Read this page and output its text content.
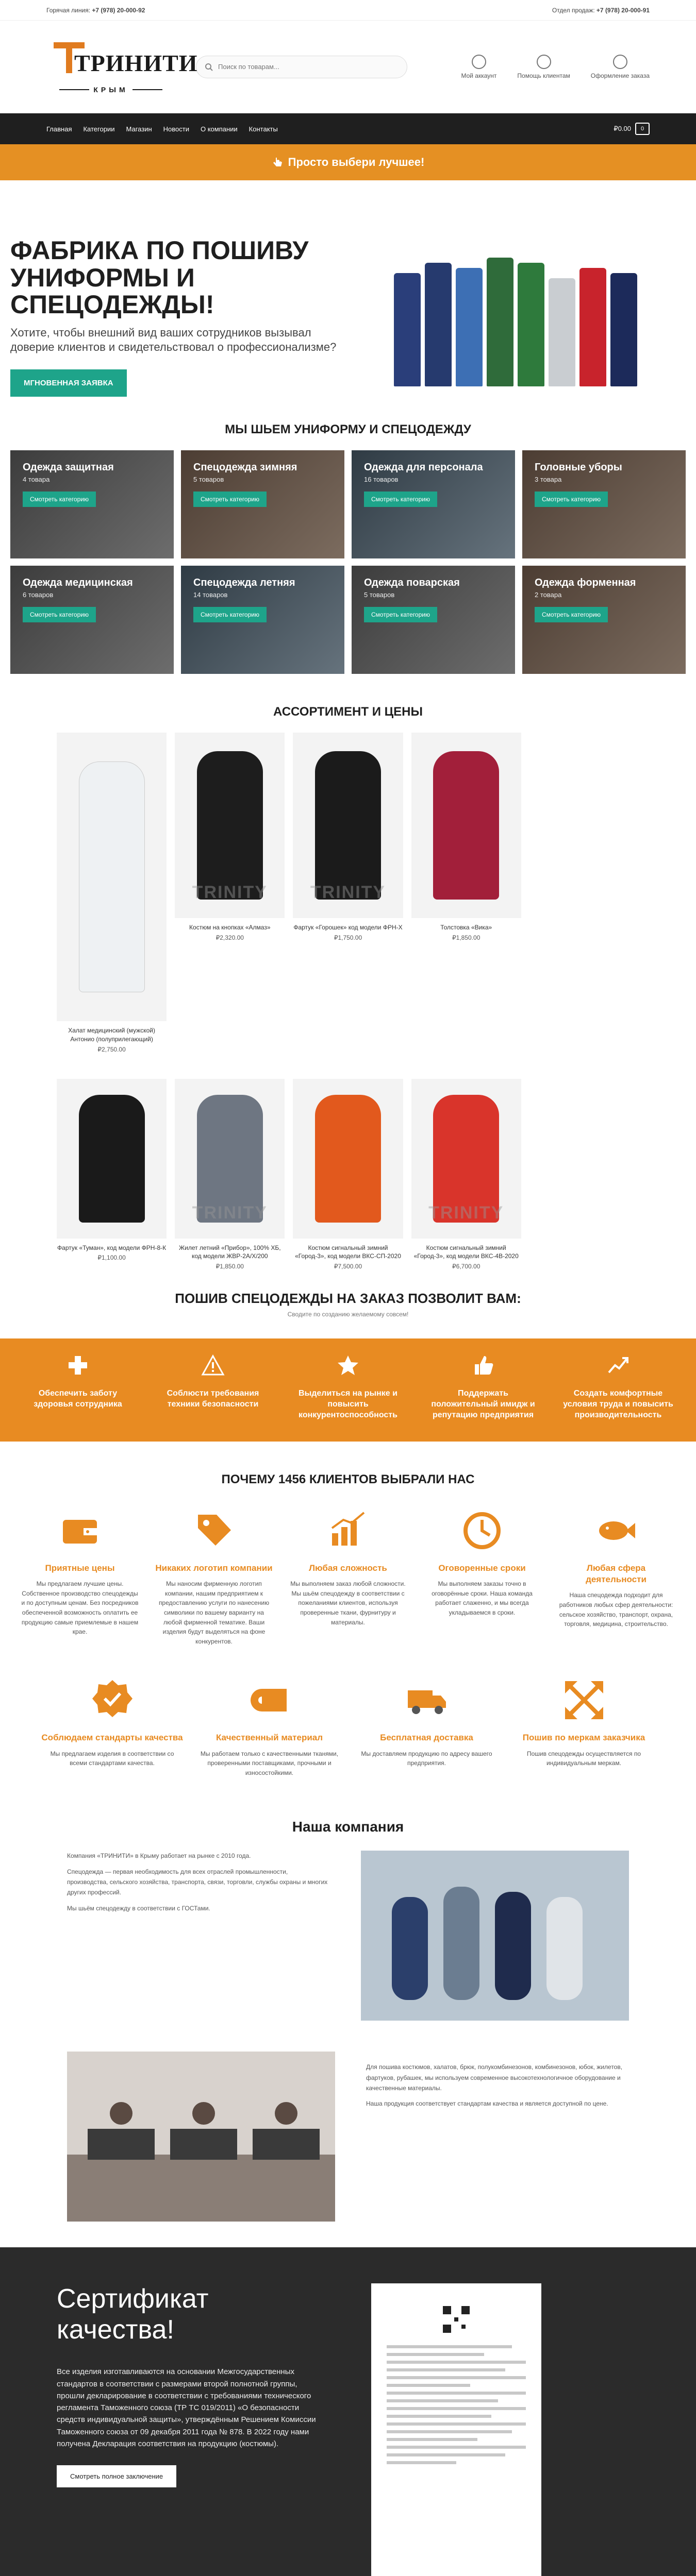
Горячая линия: +7 (978) 20-000-92	Отдел продаж: +7 (978) 20-000-91
ТРИНИТИ
КРЫМ
Поиск по товарам...
Мой аккаунт	Помощь клиентам	Оформление заказа
Главная Категории Магазин Новости О компании Контакты	₽0.00 0
Просто выбери лучшее!
ФАБРИКА ПО ПОШИВУ УНИФОРМЫ И СПЕЦОДЕЖДЫ!

Хотите, чтобы внешний вид ваших сотрудников вызывал доверие клиентов и свидетельствовал о профессионализме?

МГНОВЕННАЯ ЗАЯВКА
МЫ ШЬЕМ УНИФОРМУ И СПЕЦОДЕЖДУ
Одежда защитная
4 товара
Смотреть категорию
Спецодежда зимняя
5 товаров
Смотреть категорию
Одежда для персонала
16 товаров
Смотреть категорию
Головные уборы
3 товара
Смотреть категорию
Одежда медицинская
6 товаров
Смотреть категорию
Спецодежда летняя
14 товаров
Смотреть категорию
Одежда поварская
5 товаров
Смотреть категорию
Одежда форменная
2 товара
Смотреть категорию
АССОРТИМЕНТ И ЦЕНЫ
Халат медицинский (мужской) Антонио (полуприлегающий)
₽2,750.00
TRINITY
Костюм на кнопках «Алмаз»
₽2,320.00
TRINITY
Фартук «Горошек» код модели ФРН-Х
₽1,750.00
Толстовка «Вика»
₽1,850.00
Фартук «Туман», код модели ФРН-8-К
₽1,100.00
TRINITY
Жилет летний «Прибор», 100% ХБ, код модели ЖВР-2А/Х/200
₽1,850.00
Костюм сигнальный зимний «Город-3», код модели ВКС-СП-2020
₽7,500.00
TRINITY
Костюм сигнальный зимний «Город-3», код модели ВКС-4В-2020
₽6,700.00
ПОШИВ СПЕЦОДЕЖДЫ НА ЗАКАЗ ПОЗВОЛИТ ВАМ:

Сводите по созданию желаемому совсем!

Обеспечить заботу здоровья сотрудника
Соблюсти требования техники безопасности
Выделиться на рынке и повысить конкурентоспособность
Поддержать положительный имидж и репутацию предприятия
Создать комфортные условия труда и повысить производительность
ПОЧЕМУ 1456 КЛИЕНТОВ ВЫБРАЛИ НАС
Приятные цены
Мы предлагаем лучшие цены. Собственное производство спецодежды и по доступным ценам. Без посредников обеспеченной возможность оплатить ее продукцию самые приемлемые в нашем крае.
Никаких логотип компании
Мы наносим фирменную логотип компании, нашим предприятием к предоставлению услуги по нанесению символики по вашему варианту на любой фирменной тематике. Ваши изделия будут выделяться на фоне конкурентов.
Любая сложность
Мы выполняем заказ любой сложности. Мы шьём спецодежду в соответствии с пожеланиями клиентов, используя проверенные ткани, фурнитуру и материалы.
Оговоренные сроки
Мы выполняем заказы точно в оговорённые сроки. Наша команда работает слаженно, и мы всегда укладываемся в сроки.
Любая сфера деятельности
Наша спецодежда подходит для работников любых сфер деятельности: сельское хозяйство, транспорт, охрана, торговля, медицина, строительство.
Соблюдаем стандарты качества
Мы предлагаем изделия в соответствии со всеми стандартами качества.
Качественный материал
Мы работаем только с качественными тканями, проверенными поставщиками, прочными и износостойкими.
Бесплатная доставка
Мы доставляем продукцию по адресу вашего предприятия.
Пошив по меркам заказчика
Пошив спецодежды осуществляется по индивидуальным меркам.
Наша компания

Компания «ТРИНИТИ» в Крыму работает на рынке с 2010 года.

Спецодежда — первая необходимость для всех отраслей промышленности, производства, сельского хозяйства, транспорта, связи, торговли, службы охраны и многих других профессий.

Мы шьём спецодежду в соответствии с ГОСТами.

Для пошива костюмов, халатов, брюк, полукомбинезонов, комбинезонов, юбок, жилетов, фартуков, рубашек, мы используем современное высокотехнологичное оборудование и качественные материалы.

Наша продукция соответствует стандартам качества и является доступной по цене.

Сертификат качества!

Все изделия изготавливаются на основании Межгосударственных стандартов в соответствии с размерами второй полнотной группы, прошли декларирование в соответствии с требованиями технического регламента Таможенного союза (ТР ТС 019/2011) «О безопасности средств индивидуальной защиты», утверждённым Решением Комиссии Таможенного союза от 09 декабря 2011 года № 878. В 2022 году нами получена Декларация соответствия на продукцию (костюмы).

Смотреть полное заключение
